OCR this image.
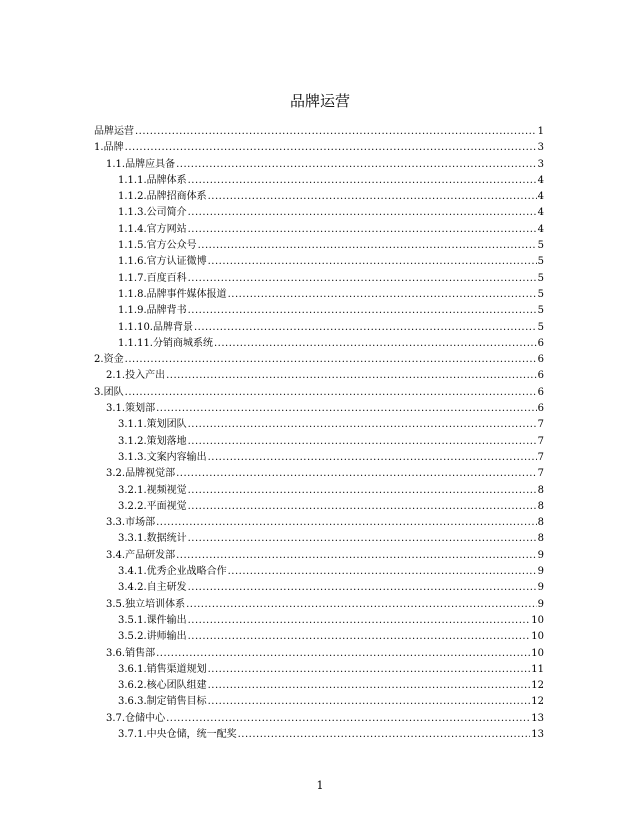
品牌运营
品牌运营 .....	1
1. 品牌 .....	3
1.1. 品牌应具备 .....	3
1.1.1. 品牌体系 .....	4
1.1.2. 品牌招商体系 .....	4
1.1.3. 公司简介 .....	4
1.1.4. 官方网站 .....	4
1.1.5. 官方公众号 .....	5
1.1.6. 官方认证微博 .....	5
1.1.7. 百度百科 .....	5
1.1.8. 品牌事件媒体报道 .....	5
1.1.9. 品牌背书 .....	5
1.1.10. 品牌背景 .....	5
1.1.11. 分销商城系统 .....	6
2. 资金 .....	6
2.1. 投入产出 .....	6
3. 团队 .....	6
3.1. 策划部 .....	6
3.1.1. 策划团队 .....	7
3.1.2. 策划落地 .....	7
3.1.3. 文案内容输出 .....	7
3.2. 品牌视觉部 .....	7
3.2.1. 视频视觉 .....	8
3.2.2. 平面视觉 .....	8
3.3. 市场部 .....	8
3.3.1. 数据统计 .....	8
3.4. 产品研发部 .....	9
3.4.1. 优秀企业战略合作 .....	9
3.4.2. 自主研发 .....	9
3.5. 独立培训体系 .....	9
3.5.1. 课件输出 .....	10
3.5.2. 讲师输出 .....	10
3.6. 销售部 .....	10
3.6.1. 销售渠道规划 .....	11
3.6.2. 核心团队组建 .....	12
3.6.3. 制定销售目标 .....	12
3.7. 仓储中心 .....	13
3.7.1. 中央仓储，统一配奖 .....	13
1
